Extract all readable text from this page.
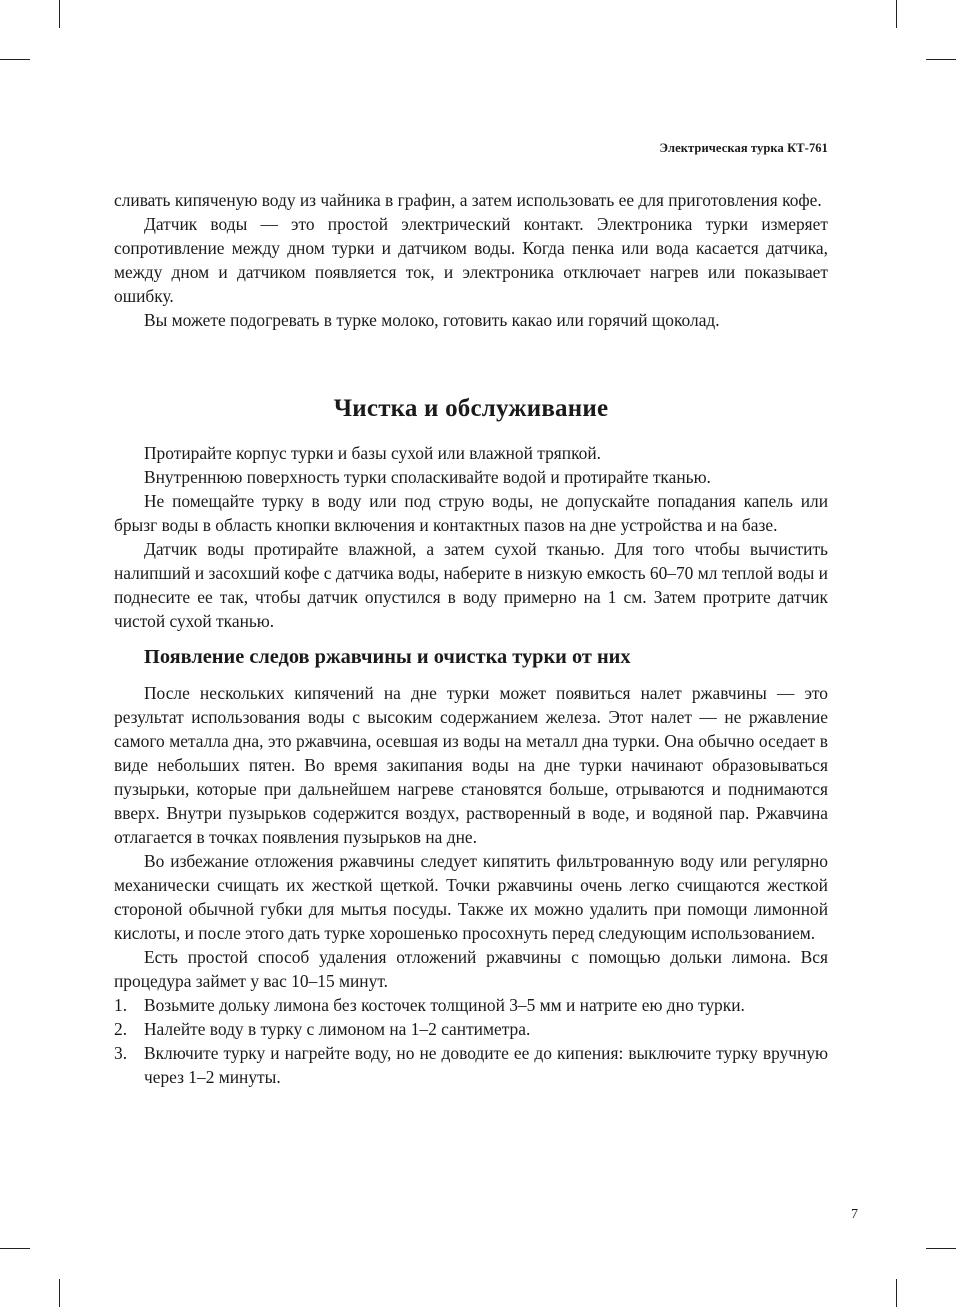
Электрическая турка КТ-761

сливать кипяченую воду из чайника в графин, а затем использовать ее для приготовления кофе.

Датчик воды — это простой электрический контакт. Электроника турки измеряет сопротивление между дном турки и датчиком воды. Когда пенка или вода касается датчика, между дном и датчиком появляется ток, и электроника отключает нагрев или показывает ошибку.

Вы можете подогревать в турке молоко, готовить какао или горячий щоколад.

Чистка и обслуживание

Протирайте корпус турки и базы сухой или влажной тряпкой.

Внутреннюю поверхность турки споласкивайте водой и протирайте тканью.

Не помещайте турку в воду или под струю воды, не допускайте попадания капель или брызг воды в область кнопки включения и контактных пазов на дне устройства и на базе.

Датчик воды протирайте влажной, а затем сухой тканью. Для того чтобы вычистить налипший и засохший кофе с датчика воды, наберите в низкую емкость 60–70 мл теплой воды и поднесите ее так, чтобы датчик опустился в воду примерно на 1 см. Затем протрите датчик чистой сухой тканью.

Появление следов ржавчины и очистка турки от них

После нескольких кипячений на дне турки может появиться налет ржавчины — это результат использования воды с высоким содержанием железа. Этот налет — не ржавление самого металла дна, это ржавчина, осевшая из воды на металл дна турки. Она обычно оседает в виде небольших пятен. Во время закипания воды на дне турки начинают образовываться пузырьки, которые при дальнейшем нагреве становятся больше, отрываются и поднимаются вверх. Внутри пузырьков содержится воздух, растворенный в воде, и водяной пар. Ржавчина отлагается в точках появления пузырьков на дне.

Во избежание отложения ржавчины следует кипятить фильтрованную воду или регулярно механически счищать их жесткой щеткой. Точки ржавчины очень легко счищаются жесткой стороной обычной губки для мытья посуды. Также их можно удалить при помощи лимонной кислоты, и после этого дать турке хорошенько просохнуть перед следующим использованием.

Есть простой способ удаления отложений ржавчины с помощью дольки лимона. Вся процедура займет у вас 10–15 минут.

1. Возьмите дольку лимона без косточек толщиной 3–5 мм и натрите ею дно турки.
2. Налейте воду в турку с лимоном на 1–2 сантиметра.
3. Включите турку и нагрейте воду, но не доводите ее до кипения: выключите турку вручную через 1–2 минуты.
7
